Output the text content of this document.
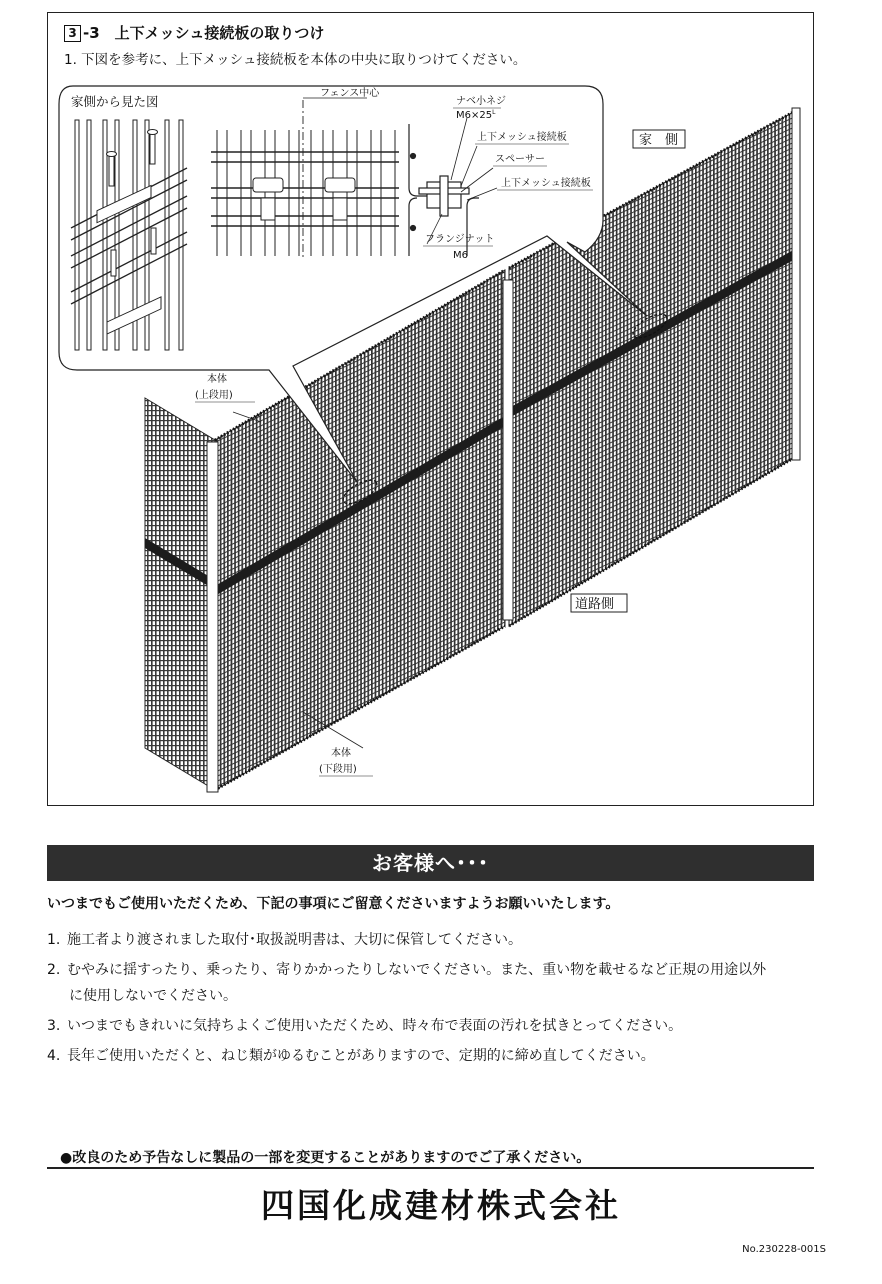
3 -3　上下メッシュ接続板の取りつけ
1. 下図を参考に、上下メッシュ接続板を本体の中央に取りつけてください。
家側から見た図
フェンス中心
ナベ小ネジ
$M6\times 25^L$
上下メッシュ接続板
スペーサー
上下メッシュ接続板
フランジナット
M6
家　側
道路側
本体
(上段用)
本体
(下段用)
お客様へ･･･
いつまでもご使用いただくため、下記の事項にご留意くださいますようお願いいたします。
1. 施工者より渡されました取付･取扱説明書は、大切に保管してください。
2. むやみに揺すったり、乗ったり、寄りかかったりしないでください。また、重い物を載せるなど正規の用途以外
に使用しないでください。
3. いつまでもきれいに気持ちよくご使用いただくため、時々布で表面の汚れを拭きとってください。
4. 長年ご使用いただくと、ねじ類がゆるむことがありますので、定期的に締め直してください。
●改良のため予告なしに製品の一部を変更することがありますのでご了承ください。
四国化成建材株式会社
No.230228-001S
